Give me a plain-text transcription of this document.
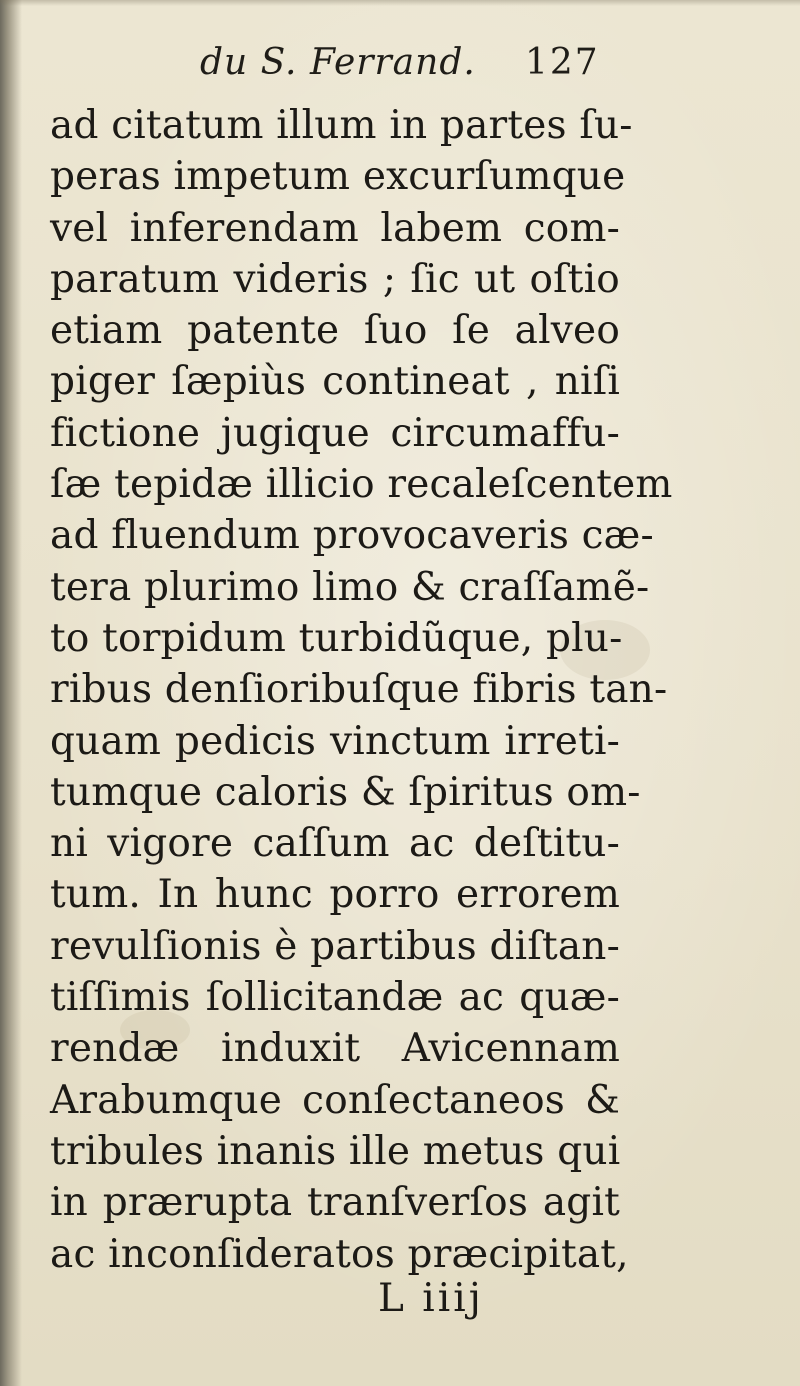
du S. Ferrand. 127
ad citatum illum in partes ſu-
peras impetum excurſumque
vel inferendam labem com-
paratum videris ; ſic ut oſtio
etiam patente ſuo ſe alveo
piger ſæpiùs contineat , niſi
fictione jugique circumaffu-
ſæ tepidæ illicio recaleſcentem
ad fluendum provocaveris cæ-
tera plurimo limo & craſſamẽ-
to torpidum turbidũque, plu-
ribus denſioribuſque fibris tan-
quam pedicis vinctum irreti-
tumque caloris & ſpiritus om-
ni vigore caſſum ac deſtitu-
tum. In hunc porro errorem
revulſionis è partibus diſtan-
tiſſimis ſollicitandæ ac quæ-
rendæ induxit Avicennam
Arabumque conſectaneos &
tribules inanis ille metus qui
in prærupta tranſverſos agit
ac inconſideratos præcipitat,
L iiij
